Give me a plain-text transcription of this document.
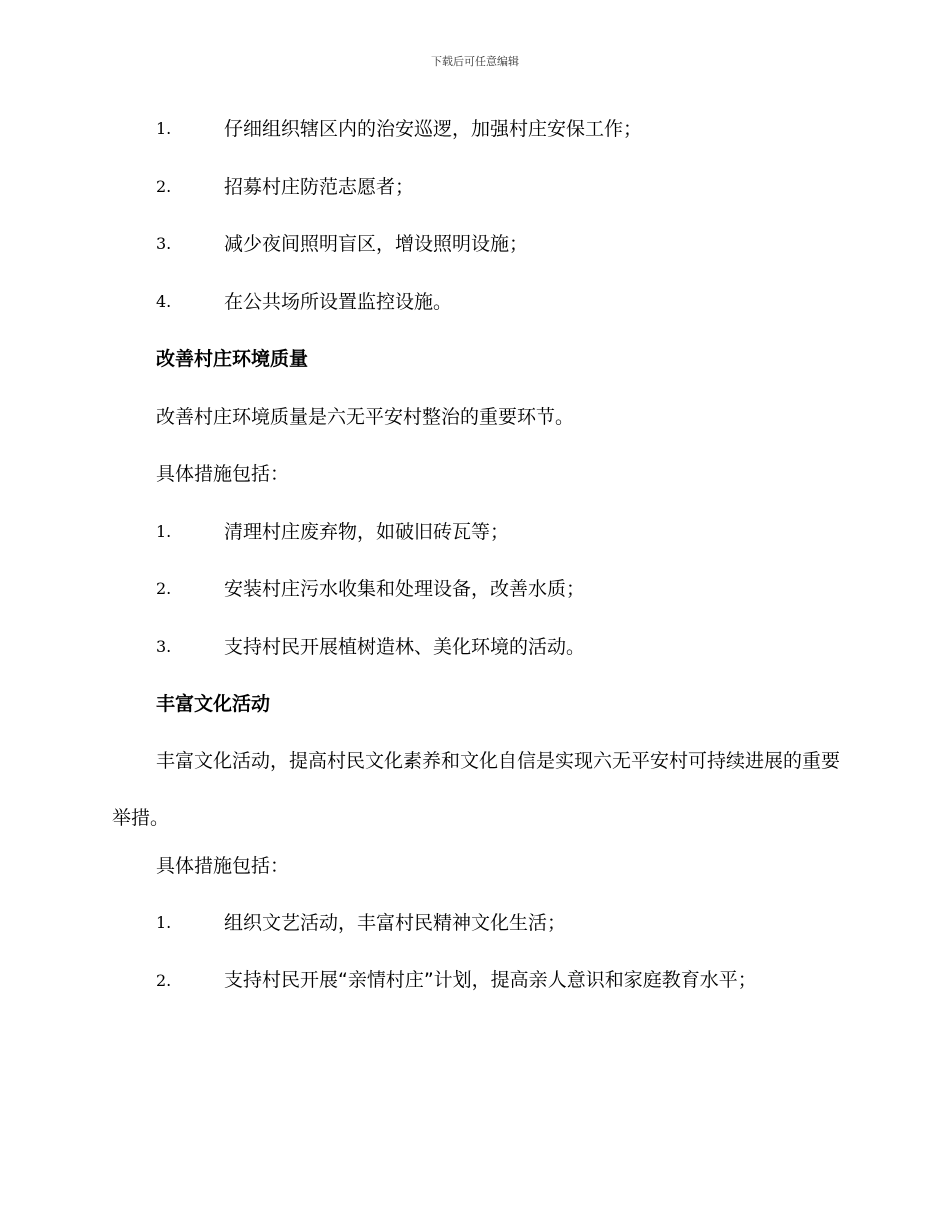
下载后可任意编辑
1.	仔细组织辖区内的治安巡逻，加强村庄安保工作；
2.	招募村庄防范志愿者；
3.	减少夜间照明盲区，增设照明设施；
4.	在公共场所设置监控设施。
改善村庄环境质量
改善村庄环境质量是六无平安村整治的重要环节。
具体措施包括：
1.	清理村庄废弃物，如破旧砖瓦等；
2.	安装村庄污水收集和处理设备，改善水质；
3.	支持村民开展植树造林、美化环境的活动。
丰富文化活动
丰富文化活动，提高村民文化素养和文化自信是实现六无平安村可持续进展的重要举措。
具体措施包括：
1.	组织文艺活动，丰富村民精神文化生活；
2.	支持村民开展“亲情村庄”计划，提高亲人意识和家庭教育水平；
